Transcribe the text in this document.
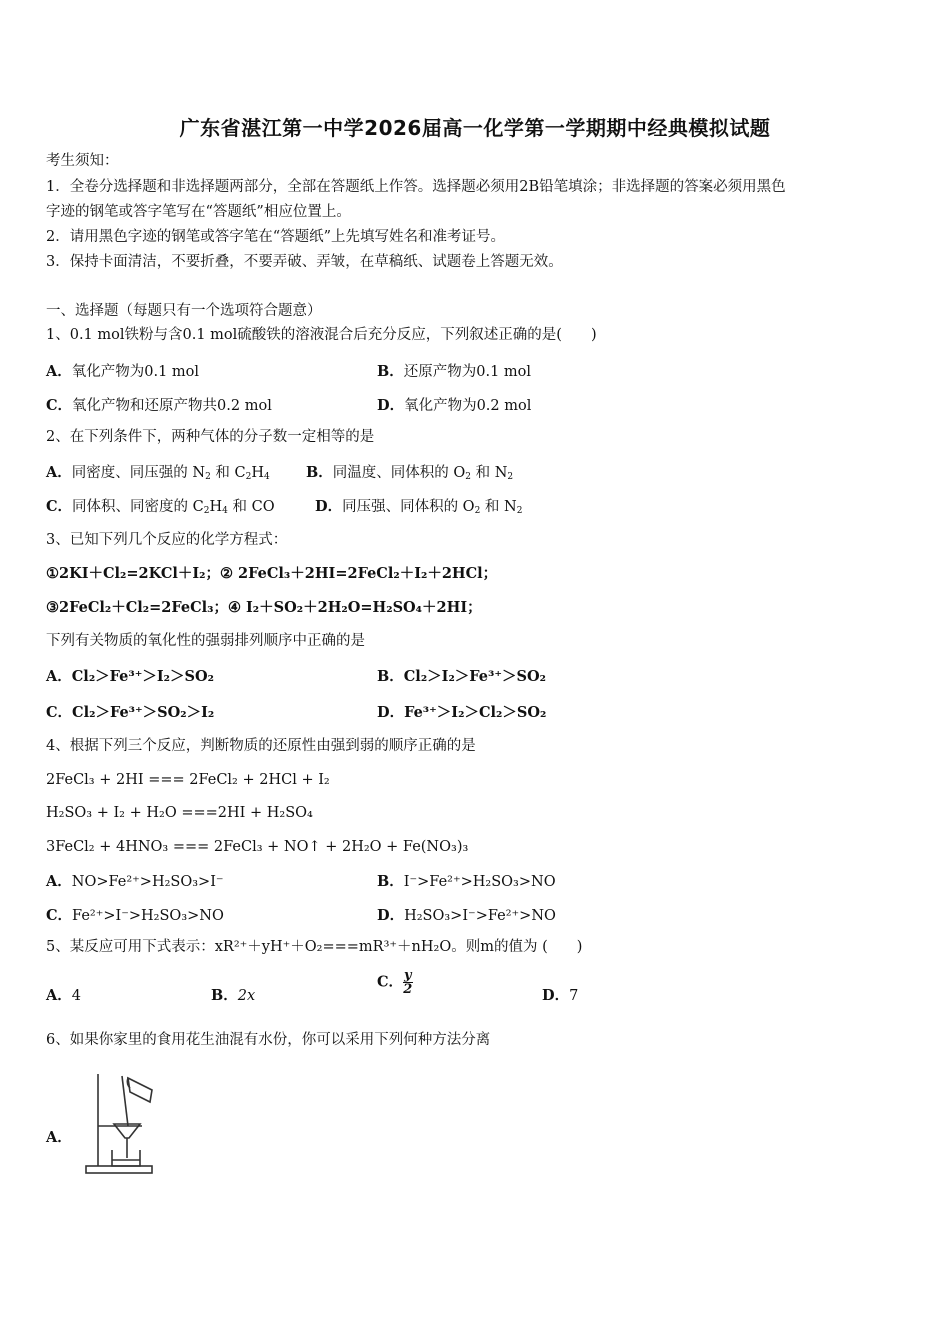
广东省湛江第一中学2026届高一化学第一学期期中经典模拟试题
考生须知：
1．全卷分选择题和非选择题两部分，全部在答题纸上作答。选择题必须用2B铅笔填涂；非选择题的答案必须用黑色
字迹的钢笔或答字笔写在“答题纸”相应位置上。
2．请用黑色字迹的钢笔或答字笔在“答题纸”上先填写姓名和准考证号。
3．保持卡面清洁，不要折叠，不要弄破、弄皱，在草稿纸、试题卷上答题无效。
一、选择题（每题只有一个选项符合题意）
1、0.1 mol铁粉与含0.1 mol硫酸铁的溶液混合后充分反应，下列叙述正确的是(　　)
A．氧化产物为0.1 mol	B．还原产物为0.1 mol
C．氧化产物和还原产物共0.2 mol	D．氧化产物为0.2 mol
2、在下列条件下，两种气体的分子数一定相等的是
A．同密度、同压强的 $N_2$ 和 $C_2H_4$	B．同温度、同体积的 $O_2$ 和 $N_2$
C．同体积、同密度的 $C_2H_4$ 和 CO	D．同压强、同体积的 $O_2$ 和 $N_2$
3、已知下列几个反应的化学方程式：
①2KI＋Cl₂=2KCl＋I₂；② 2FeCl₃＋2HI=2FeCl₂＋I₂＋2HCl；
③2FeCl₂＋Cl₂=2FeCl₃；④ I₂＋SO₂＋2H₂O=H₂SO₄＋2HI；
下列有关物质的氧化性的强弱排列顺序中正确的是
A．Cl₂＞Fe³⁺＞I₂＞SO₂	B．Cl₂＞I₂＞Fe³⁺＞SO₂
C．Cl₂＞Fe³⁺＞SO₂＞I₂	D．Fe³⁺＞I₂＞Cl₂＞SO₂
4、根据下列三个反应，判断物质的还原性由强到弱的顺序正确的是
2FeCl₃ + 2HI === 2FeCl₂ + 2HCl + I₂
H₂SO₃ + I₂ + H₂O ===2HI + H₂SO₄
3FeCl₂ + 4HNO₃ === 2FeCl₃ + NO↑ + 2H₂O + Fe(NO₃)₃
A．NO>Fe²⁺>H₂SO₃>I⁻	B．I⁻>Fe²⁺>H₂SO₃>NO
C．Fe²⁺>I⁻>H₂SO₃>NO	D．H₂SO₃>I⁻>Fe²⁺>NO
5、某反应可用下式表示：xR²⁺＋yH⁺＋O₂===mR³⁺＋nH₂O。则m的值为 (　　)
A．4	B．2x
C． $\frac{y}{2}$	D．7
6、如果你家里的食用花生油混有水份，你可以采用下列何种方法分离
A．
